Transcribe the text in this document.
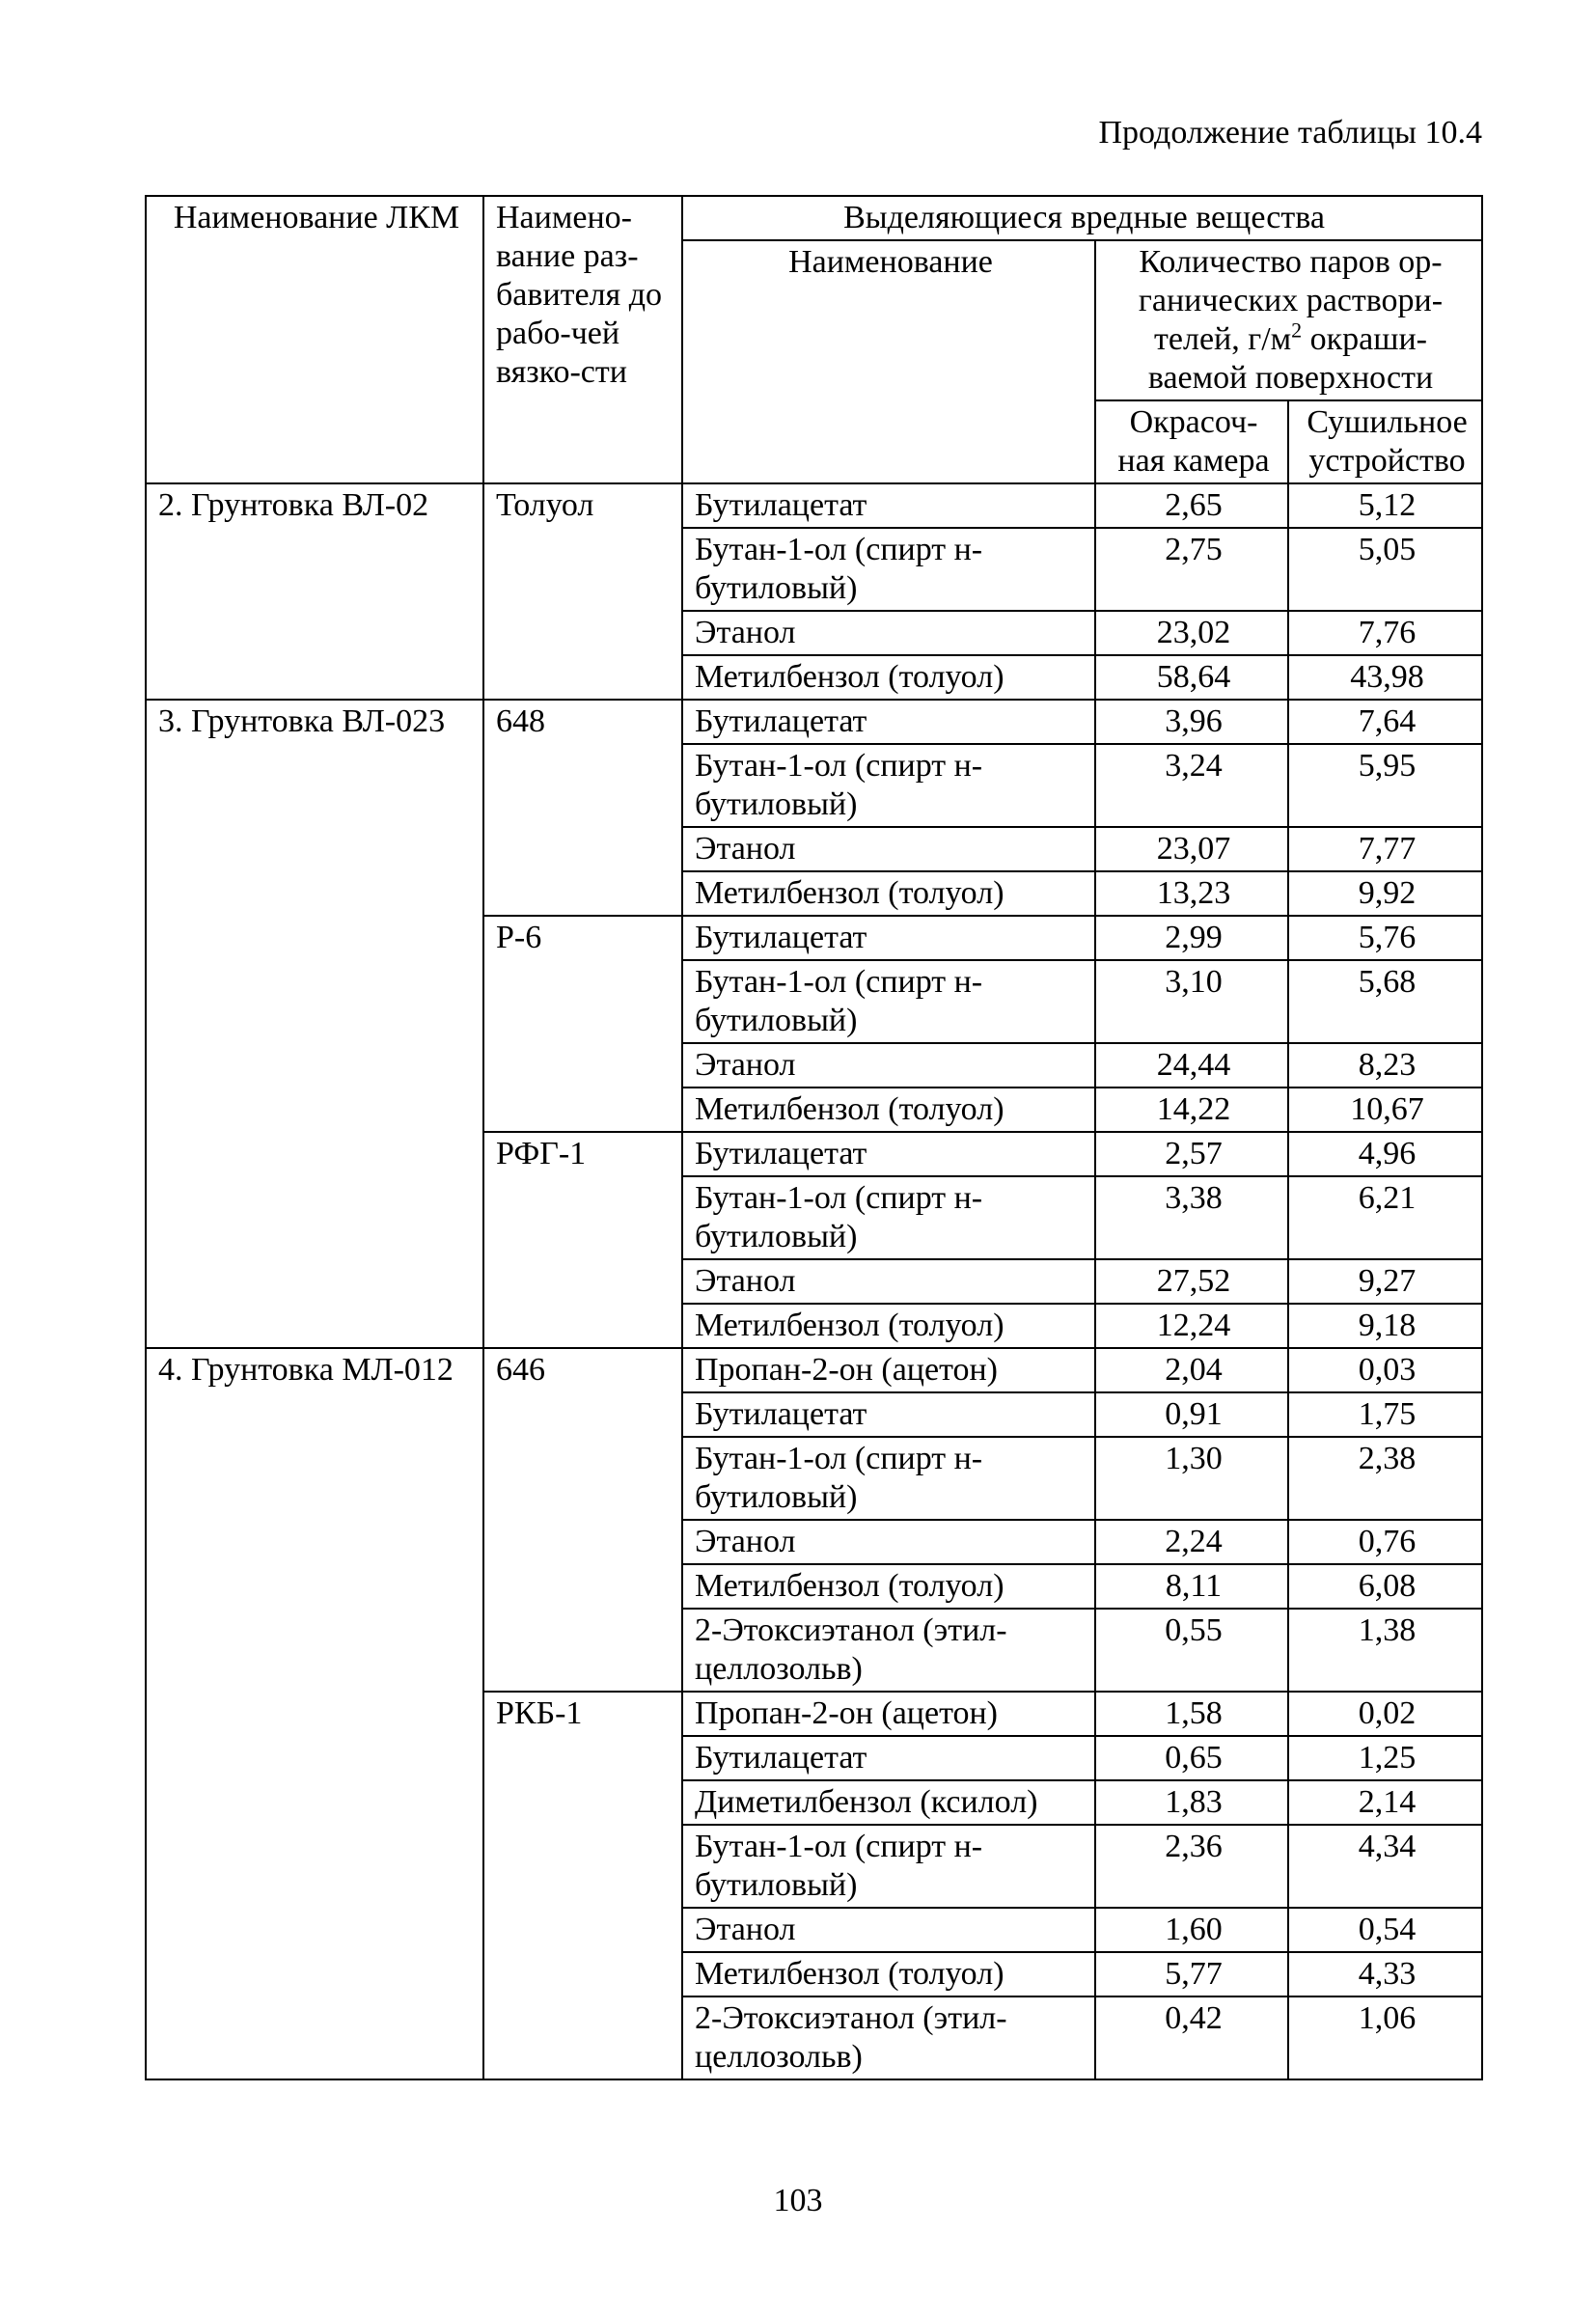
Продолжение таблицы 10.4
Наименование ЛКМ	Наимено-вание раз-бавителя до рабо-чей вязко-сти	Выделяющиеся вредные вещества		
		Наименование	Количество паров ор-ганических раствори-телей, $г/м^2$ окраши-ваемой поверхности	
			Окрасоч-ная камера	Сушильное устройство
2. Грунтовка ВЛ-02	Толуол	Бутилацетат	2,65	5,12
		Бутан-1-ол (спирт н-бутиловый)	2,75	5,05
		Этанол	23,02	7,76
		Метилбензол (толуол)	58,64	43,98
3. Грунтовка ВЛ-023	648	Бутилацетат	3,96	7,64
		Бутан-1-ол (спирт н-бутиловый)	3,24	5,95
		Этанол	23,07	7,77
		Метилбензол (толуол)	13,23	9,92
	Р-6	Бутилацетат	2,99	5,76
		Бутан-1-ол (спирт н-бутиловый)	3,10	5,68
		Этанол	24,44	8,23
		Метилбензол (толуол)	14,22	10,67
	РФГ-1	Бутилацетат	2,57	4,96
		Бутан-1-ол (спирт н-бутиловый)	3,38	6,21
		Этанол	27,52	9,27
		Метилбензол (толуол)	12,24	9,18
4. Грунтовка МЛ-012	646	Пропан-2-он (ацетон)	2,04	0,03
		Бутилацетат	0,91	1,75
		Бутан-1-ол (спирт н-бутиловый)	1,30	2,38
		Этанол	2,24	0,76
		Метилбензол (толуол)	8,11	6,08
		2-Этоксиэтанол (этил-целлозольв)	0,55	1,38
	РКБ-1	Пропан-2-он (ацетон)	1,58	0,02
		Бутилацетат	0,65	1,25
		Диметилбензол (ксилол)	1,83	2,14
		Бутан-1-ол (спирт н-бутиловый)	2,36	4,34
		Этанол	1,60	0,54
		Метилбензол (толуол)	5,77	4,33
		2-Этоксиэтанол (этил-целлозольв)	0,42	1,06
103
